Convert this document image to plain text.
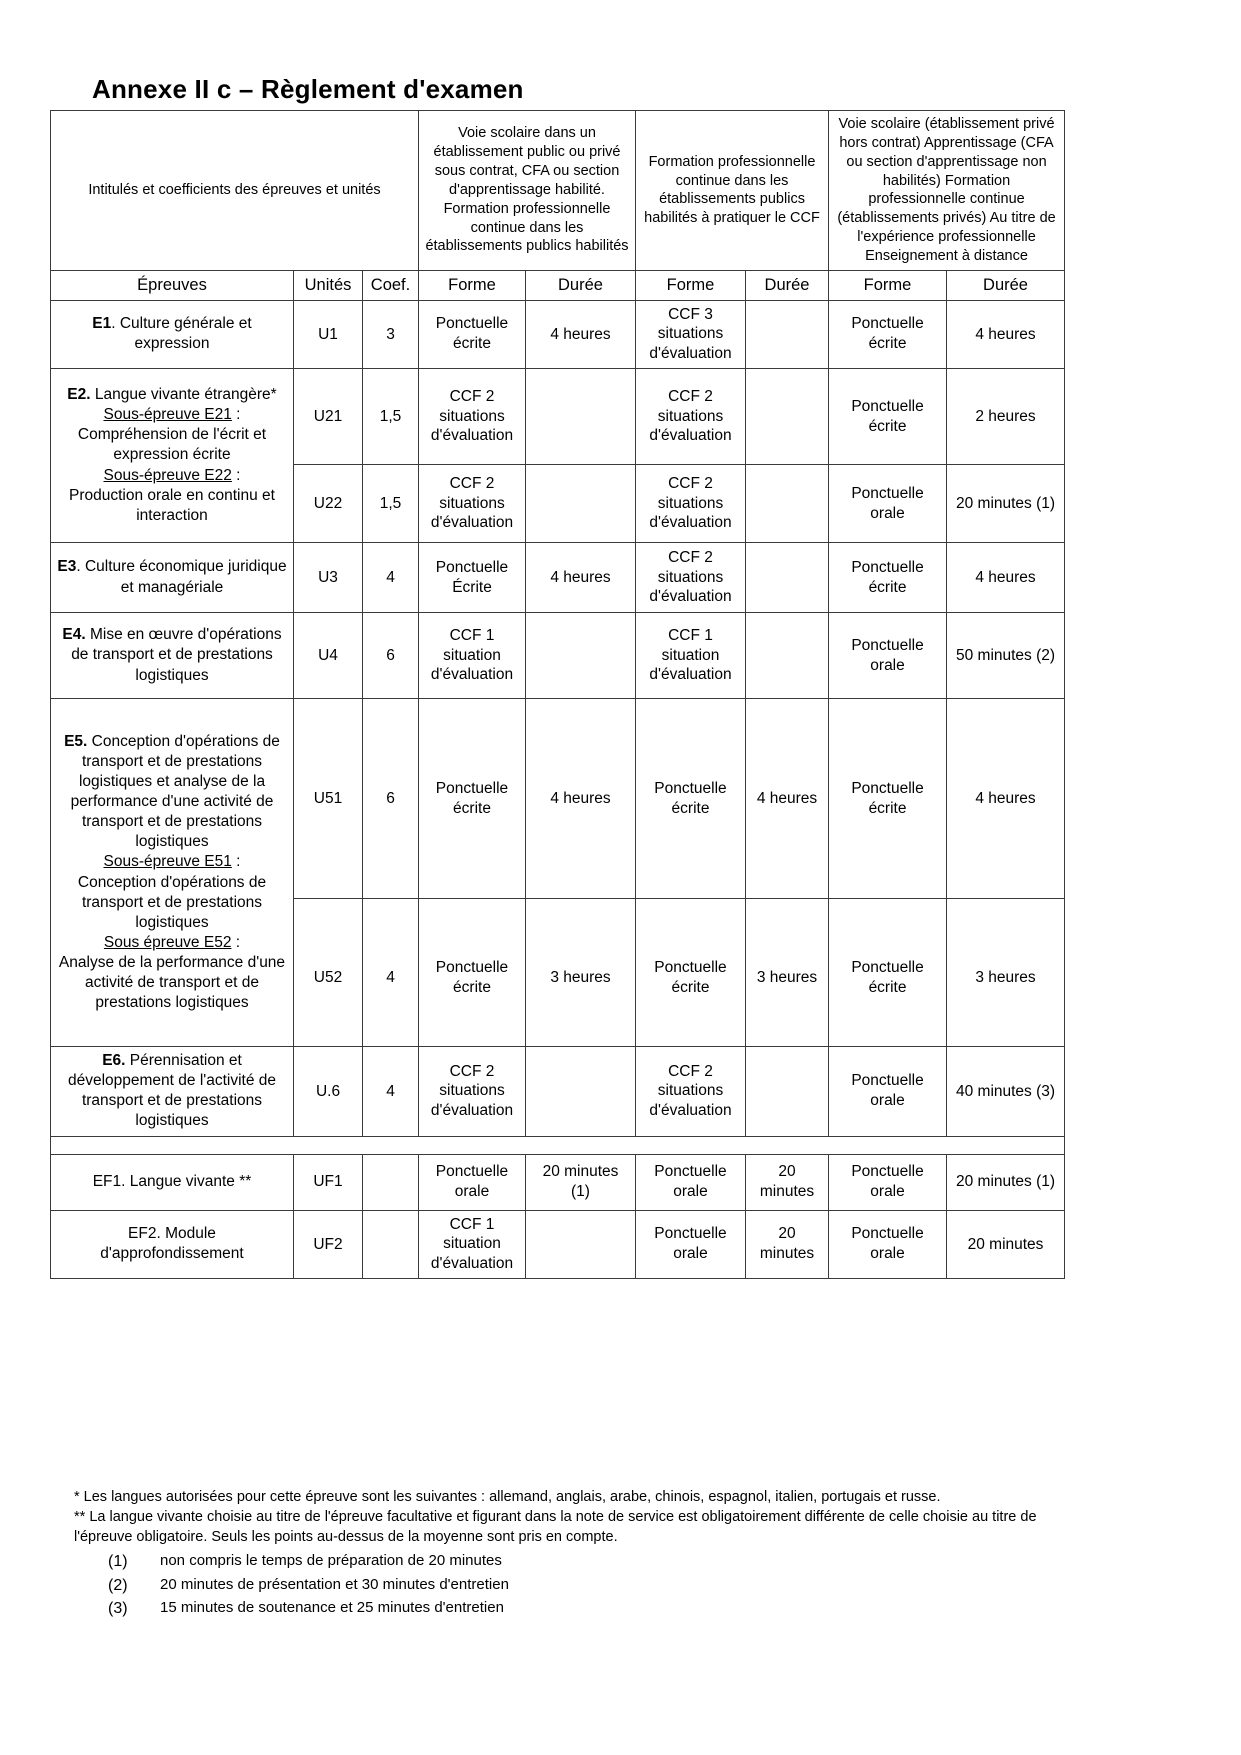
Annexe II c – Règlement d'examen
Intitulés et coefficients des épreuves et unités			Voie scolaire dans un établissement public ou privé sous contrat, CFA ou section d'apprentissage habilité. Formation professionnelle continue dans les établissements publics habilités		Formation professionnelle continue dans les établissements publics habilités à pratiquer le CCF		Voie scolaire (établissement privé hors contrat) Apprentissage (CFA ou section d'apprentissage non habilités) Formation professionnelle continue (établissements privés) Au titre de l'expérience professionnelle Enseignement à distance	
Épreuves	Unités	Coef.	Forme	Durée	Forme	Durée	Forme	Durée
E1. Culture générale et expression	U1	3	Ponctuelle écrite	4 heures	CCF 3 situations d'évaluation		Ponctuelle écrite	4 heures
E2. Langue vivante étrangère*
Sous-épreuve E21 :
Compréhension de l'écrit et expression écrite
Sous-épreuve E22 :
Production orale en continu et interaction	U21	1,5	CCF 2 situations d'évaluation		CCF 2 situations d'évaluation		Ponctuelle écrite	2 heures
	U22	1,5	CCF 2 situations d'évaluation		CCF 2 situations d'évaluation		Ponctuelle orale	20 minutes (1)
E3. Culture économique juridique et managériale	U3	4	Ponctuelle Écrite	4 heures	CCF 2 situations d'évaluation		Ponctuelle écrite	4 heures
E4. Mise en œuvre d'opérations de transport et de prestations logistiques	U4	6	CCF 1 situation d'évaluation		CCF 1 situation d'évaluation		Ponctuelle orale	50 minutes (2)
E5. Conception d'opérations de transport et de prestations logistiques et analyse de la performance d'une activité de transport et de prestations logistiques
Sous-épreuve E51 :
Conception d'opérations de transport et de prestations logistiques
Sous épreuve E52 :
Analyse de la performance d'une activité de transport et de prestations logistiques	U51	6	Ponctuelle écrite	4 heures	Ponctuelle écrite	4 heures	Ponctuelle écrite	4 heures
	U52	4	Ponctuelle écrite	3 heures	Ponctuelle écrite	3 heures	Ponctuelle écrite	3 heures
E6. Pérennisation et développement de l'activité de transport et de prestations logistiques	U.6	4	CCF 2 situations d'évaluation		CCF 2 situations d'évaluation		Ponctuelle orale	40 minutes (3)

EF1. Langue vivante **	UF1		Ponctuelle orale	20 minutes (1)	Ponctuelle orale	20 minutes	Ponctuelle orale	20 minutes (1)
EF2. Module d'approfondissement	UF2		CCF 1 situation d'évaluation		Ponctuelle orale	20 minutes	Ponctuelle orale	20 minutes

* Les langues autorisées pour cette épreuve sont les suivantes : allemand, anglais, arabe, chinois, espagnol, italien, portugais et russe.

** La langue vivante choisie au titre de l'épreuve facultative et figurant dans la note de service est obligatoirement différente de celle choisie au titre de l'épreuve obligatoire. Seuls les points au-dessus de la moyenne sont pris en compte.

(1)	non compris le temps de préparation de 20 minutes
(2)	20 minutes de présentation et 30 minutes d'entretien
(3)	15 minutes de soutenance et 25 minutes d'entretien
